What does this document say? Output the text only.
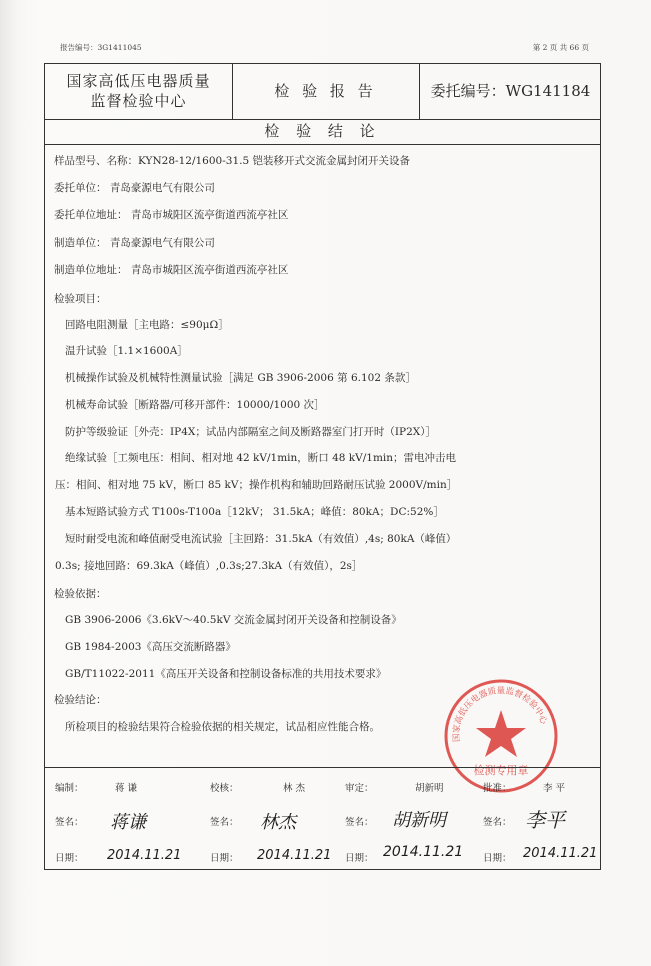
报告编号：3G1411045	第 2 页 共 66 页
国家高低压电器质量
监督检验中心
检 验 报 告	委托编号：WG141184
检 验 结 论
样品型号、名称：KYN28-12/1600-31.5 铠装移开式交流金属封闭开关设备
委托单位： 青岛豪源电气有限公司
委托单位地址： 青岛市城阳区流亭街道西流亭社区
制造单位： 青岛豪源电气有限公司
制造单位地址： 青岛市城阳区流亭街道西流亭社区
检验项目：
回路电阻测量［主电路：≤90μΩ］
温升试验［1.1×1600A］
机械操作试验及机械特性测量试验［满足 GB 3906-2006 第 6.102 条款］
机械寿命试验［断路器/可移开部件：10000/1000 次］
防护等级验证［外壳：IP4X；试品内部隔室之间及断路器室门打开时（IP2X）］
绝缘试验［工频电压：相间、相对地 42 kV/1min，断口 48 kV/1min；雷电冲击电
压：相间、相对地 75 kV，断口 85 kV；操作机构和辅助回路耐压试验 2000V/min］
基本短路试验方式 T100s-T100a［12kV； 31.5kA；峰值：80kA；DC:52%］
短时耐受电流和峰值耐受电流试验［主回路：31.5kA（有效值）,4s; 80kA（峰值）
0.3s; 接地回路：69.3kA（峰值）,0.3s;27.3kA（有效值），2s］
检验依据：
GB 3906-2006《3.6kV～40.5kV 交流金属封闭开关设备和控制设备》
GB 1984-2003《高压交流断路器》
GB/T11022-2011《高压开关设备和控制设备标准的共用技术要求》
检验结论：
所检项目的检验结果符合检验依据的相关规定，试品相应性能合格。
国家高低压电器质量监督检验中心
检测专用章
编制：	蒋 谦	校核：	林 杰	审定：	胡新明	批准：	李 平
签名：	签名：	签名：	签名：
蒋谦	林杰	胡新明	李平
日期：	日期：	日期：	日期：
2014.11.21	2014.11.21	2014.11.21	2014.11.21
